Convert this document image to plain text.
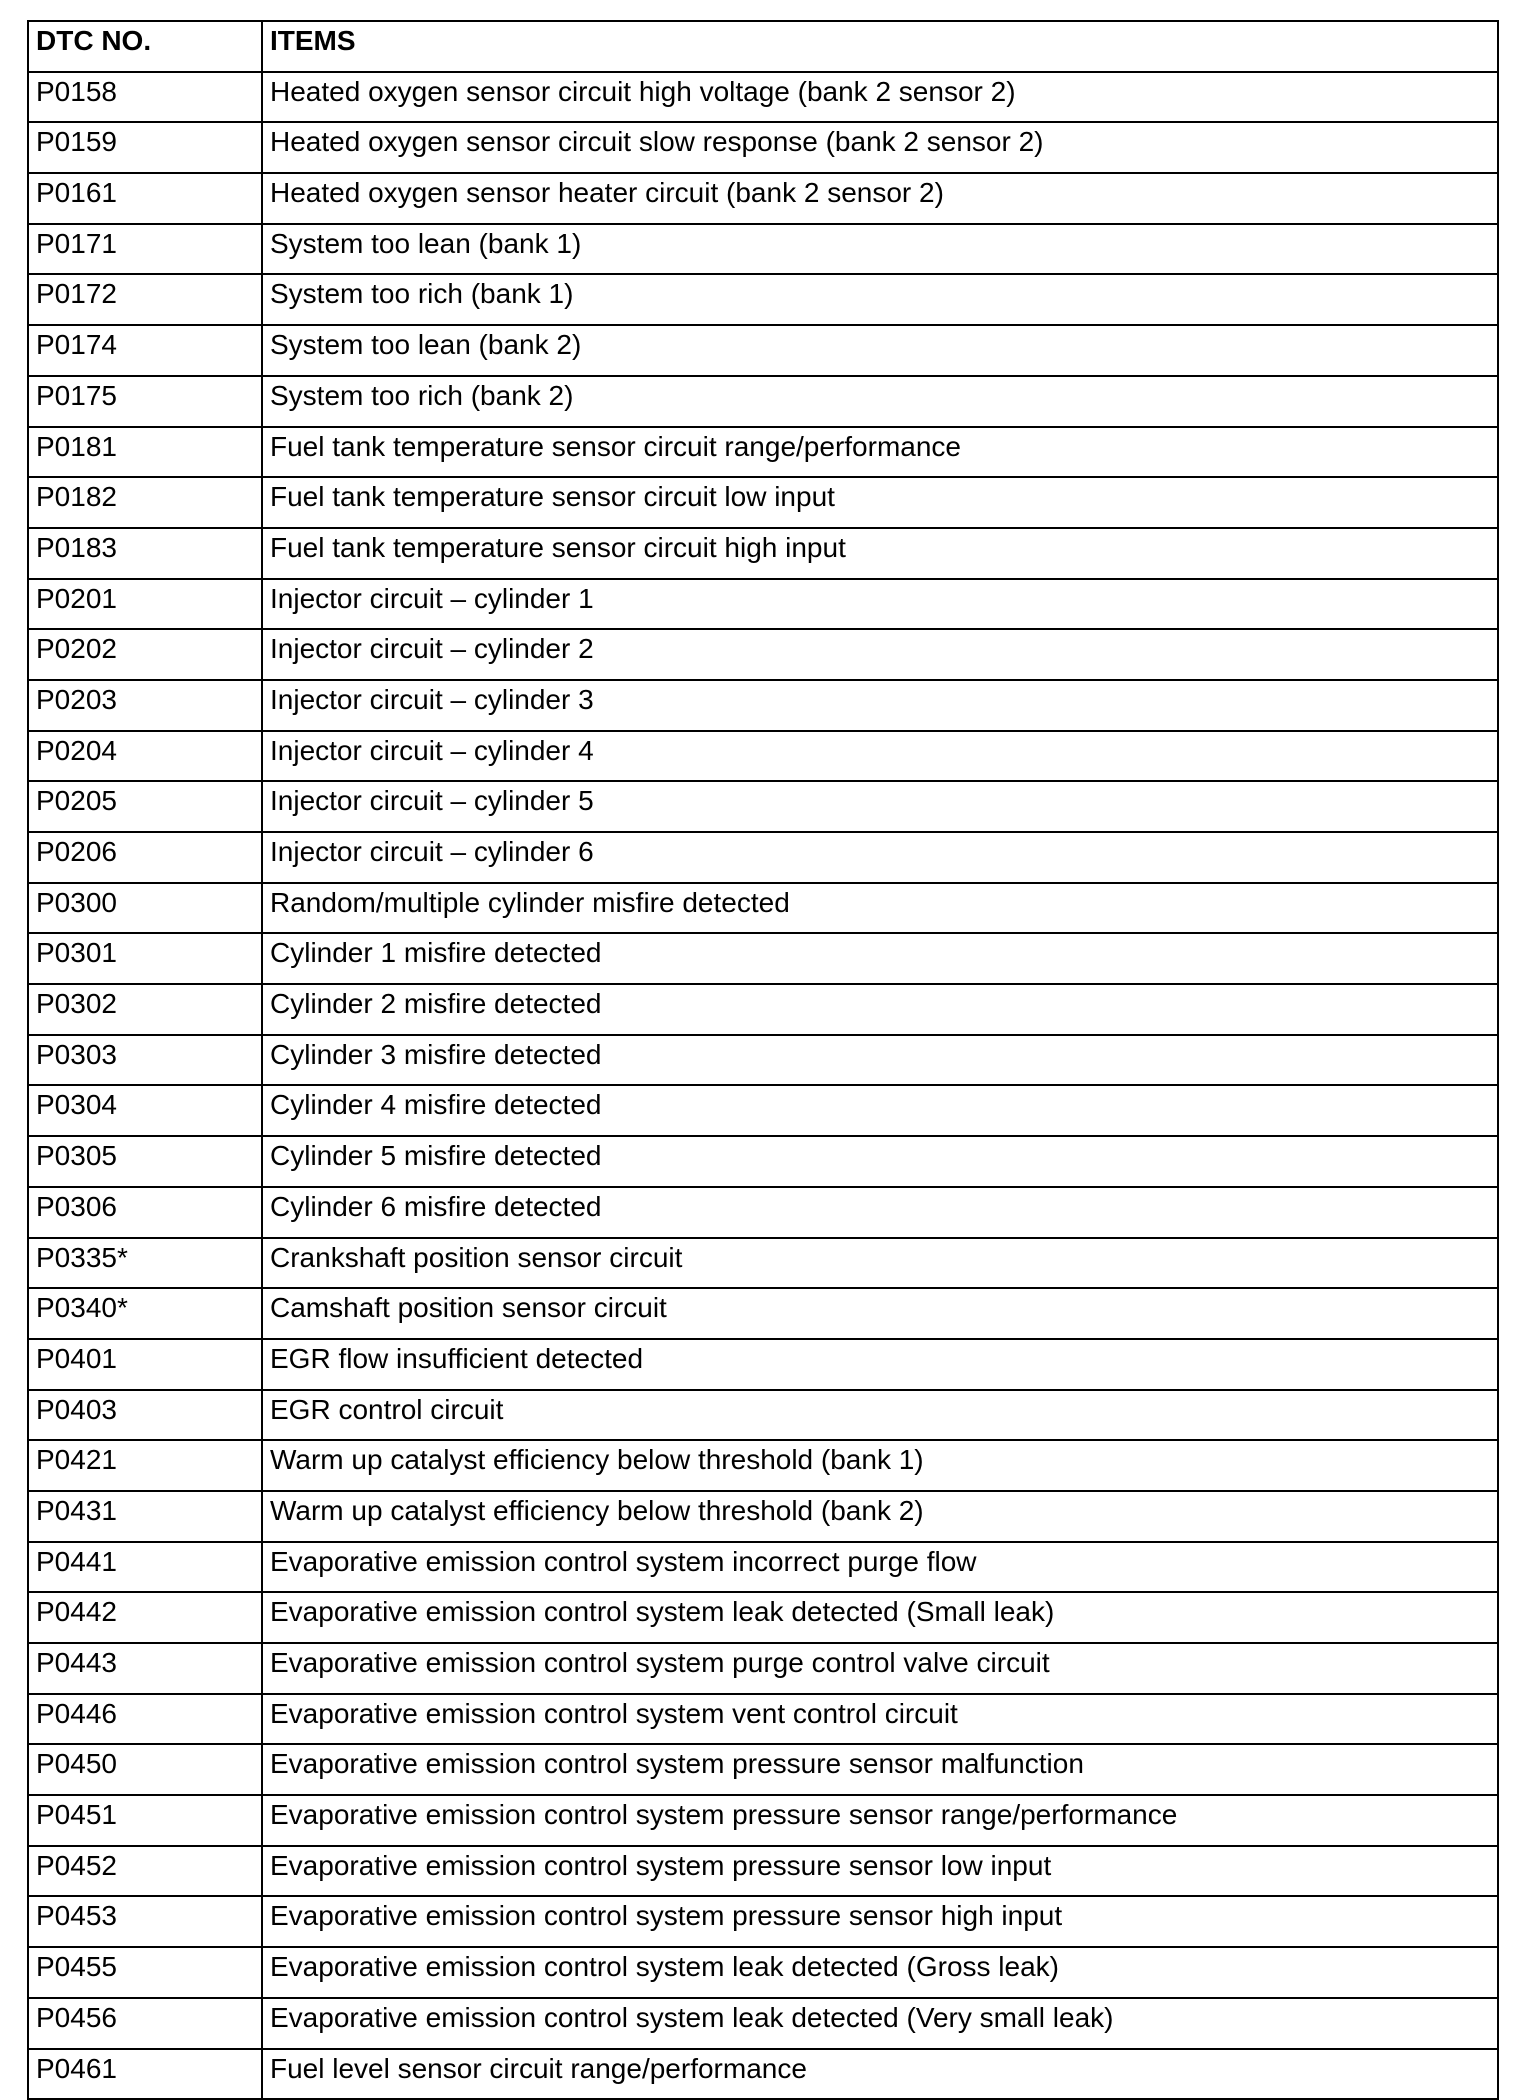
DTC NO.	ITEMS
P0158	Heated oxygen sensor circuit high voltage (bank 2 sensor 2)
P0159	Heated oxygen sensor circuit slow response (bank 2 sensor 2)
P0161	Heated oxygen sensor heater circuit (bank 2 sensor 2)
P0171	System too lean (bank 1)
P0172	System too rich (bank 1)
P0174	System too lean (bank 2)
P0175	System too rich (bank 2)
P0181	Fuel tank temperature sensor circuit range/performance
P0182	Fuel tank temperature sensor circuit low input
P0183	Fuel tank temperature sensor circuit high input
P0201	Injector circuit – cylinder 1
P0202	Injector circuit – cylinder 2
P0203	Injector circuit – cylinder 3
P0204	Injector circuit – cylinder 4
P0205	Injector circuit – cylinder 5
P0206	Injector circuit – cylinder 6
P0300	Random/multiple cylinder misfire detected
P0301	Cylinder 1 misfire detected
P0302	Cylinder 2 misfire detected
P0303	Cylinder 3 misfire detected
P0304	Cylinder 4 misfire detected
P0305	Cylinder 5 misfire detected
P0306	Cylinder 6 misfire detected
P0335*	Crankshaft position sensor circuit
P0340*	Camshaft position sensor circuit
P0401	EGR flow insufficient detected
P0403	EGR control circuit
P0421	Warm up catalyst efficiency below threshold (bank 1)
P0431	Warm up catalyst efficiency below threshold (bank 2)
P0441	Evaporative emission control system incorrect purge flow
P0442	Evaporative emission control system leak detected (Small leak)
P0443	Evaporative emission control system purge control valve circuit
P0446	Evaporative emission control system vent control circuit
P0450	Evaporative emission control system pressure sensor malfunction
P0451	Evaporative emission control system pressure sensor range/performance
P0452	Evaporative emission control system pressure sensor low input
P0453	Evaporative emission control system pressure sensor high input
P0455	Evaporative emission control system leak detected (Gross leak)
P0456	Evaporative emission control system leak detected (Very small leak)
P0461	Fuel level sensor circuit range/performance
